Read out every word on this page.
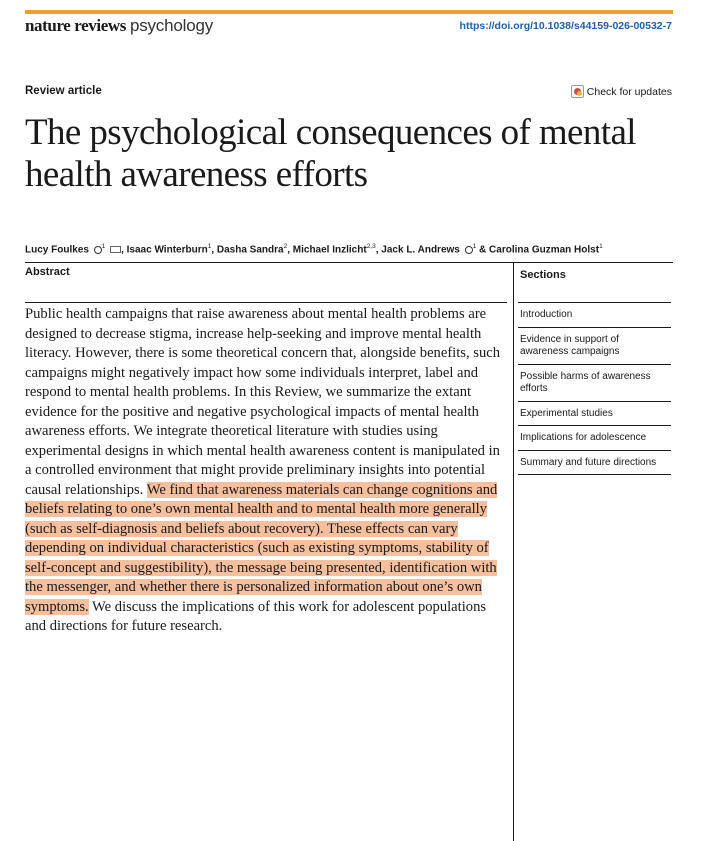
nature reviews psychology	https://doi.org/10.1038/s44159-026-00532-7
Review article	Check for updates
The psychological consequences of mental health awareness efforts
Lucy Foulkes $^1$ , Isaac Winterburn$^1$, Dasha Sandra$^2$, Michael Inzlicht$^{2,3}$, Jack L. Andrews $^1$ & Carolina Guzman Holst$^1$
Abstract

Public health campaigns that raise awareness about mental health problems are designed to decrease stigma, increase help-seeking and improve mental health literacy. However, there is some theoretical concern that, alongside benefits, such campaigns might negatively impact how some individuals interpret, label and respond to mental health problems. In this Review, we summarize the extant evidence for the positive and negative psychological impacts of mental health awareness efforts. We integrate theoretical literature with studies using experimental designs in which mental health awareness content is manipulated in a controlled environment that might provide preliminary insights into potential causal relationships. We find that awareness materials can change cognitions and beliefs relating to one’s own mental health and to mental health more generally (such as self-diagnosis and beliefs about recovery). These effects can vary depending on individual characteristics (such as existing symptoms, stability of self-concept and suggestibility), the message being presented, identification with the messenger, and whether there is personalized information about one’s own symptoms. We discuss the implications of this work for adolescent populations and directions for future research.

Sections
Introduction
Evidence in support of awareness campaigns
Possible harms of awareness efforts
Experimental studies
Implications for adolescence
Summary and future directions
